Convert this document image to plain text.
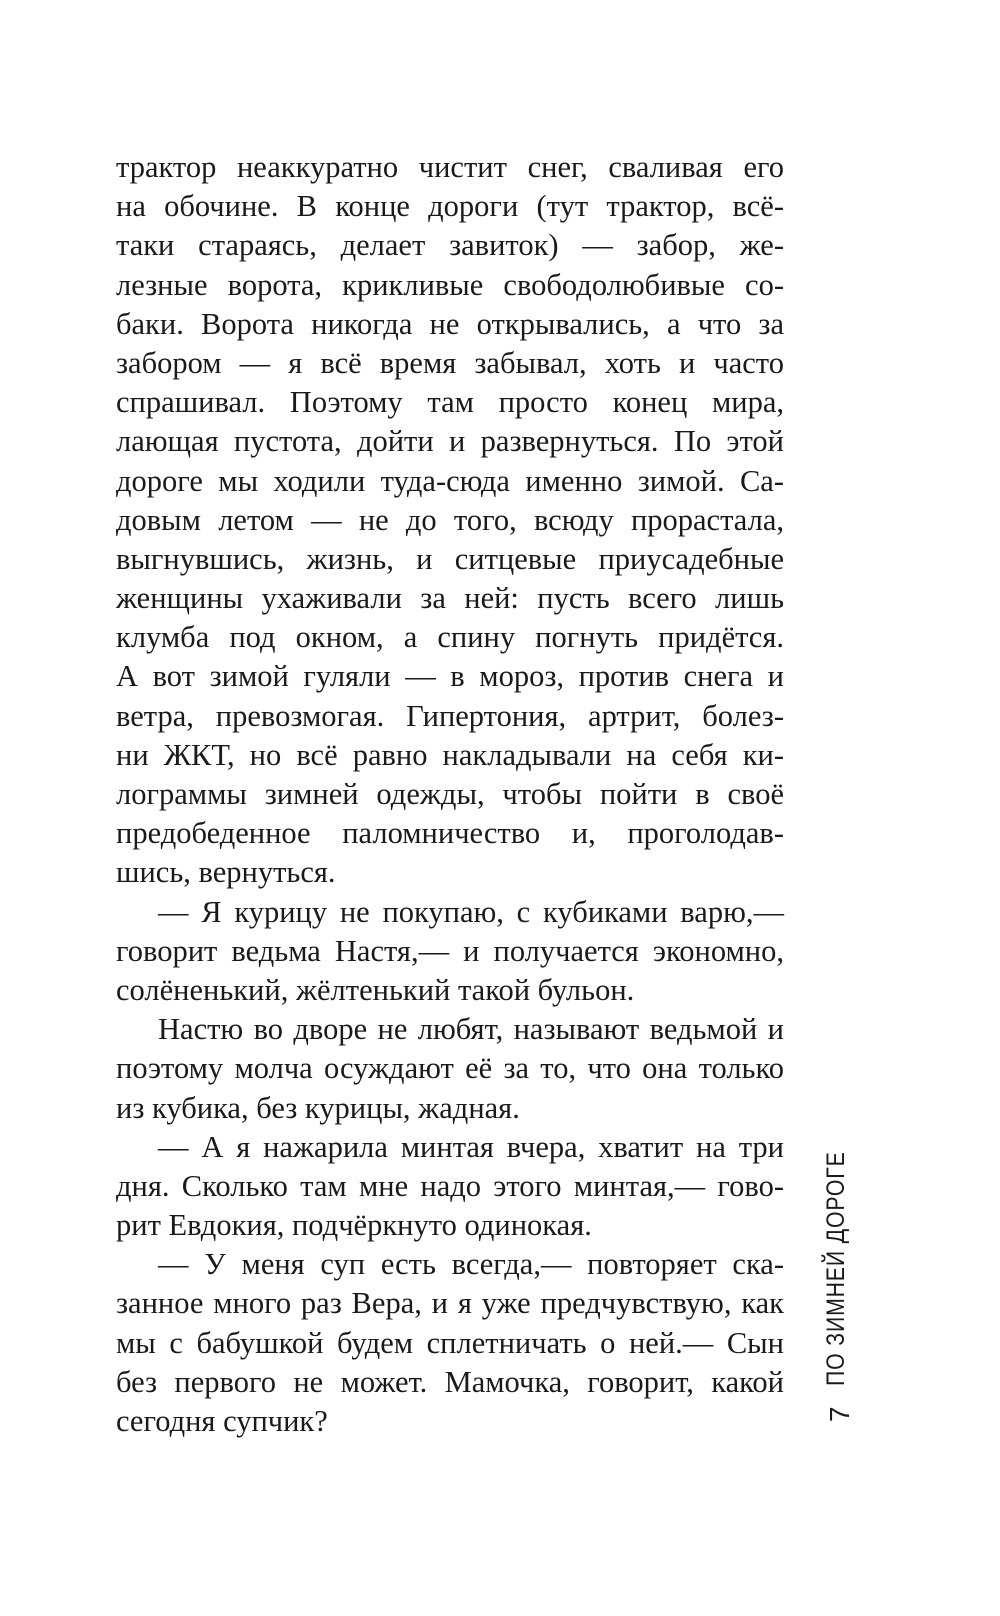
трактор неаккуратно чистит снег, сваливая его
на обочине. В конце дороги (тут трактор, всё-
таки стараясь, делает завиток) — забор, же-
лезные ворота, крикливые свободолюбивые со-
баки. Ворота никогда не открывались, а что за
забором — я всё время забывал, хоть и часто
спрашивал. Поэтому там просто конец мира,
лающая пустота, дойти и развернуться. По этой
дороге мы ходили туда-сюда именно зимой. Са-
довым летом — не до того, всюду прорастала,
выгнувшись, жизнь, и ситцевые приусадебные
женщины ухаживали за ней: пусть всего лишь
клумба под окном, а спину погнуть придётся.
А вот зимой гуляли — в мороз, против снега и
ветра, превозмогая. Гипертония, артрит, болез-
ни ЖКТ, но всё равно накладывали на себя ки-
лограммы зимней одежды, чтобы пойти в своё
предобеденное паломничество и, проголодав-
шись, вернуться.
— Я курицу не покупаю, с кубиками варю,—
говорит ведьма Настя,— и получается экономно,
солёненький, жёлтенький такой бульон.
Настю во дворе не любят, называют ведьмой и
поэтому молча осуждают её за то, что она только
из кубика, без курицы, жадная.
— А я нажарила минтая вчера, хватит на три
дня. Сколько там мне надо этого минтая,— гово-
рит Евдокия, подчёркнуто одинокая.
— У меня суп есть всегда,— повторяет ска-
занное много раз Вера, и я уже предчувствую, как
мы с бабушкой будем сплетничать о ней.— Сын
без первого не может. Мамочка, говорит, какой
сегодня супчик?
ПО ЗИМНЕЙ ДОРОГЕ
7
